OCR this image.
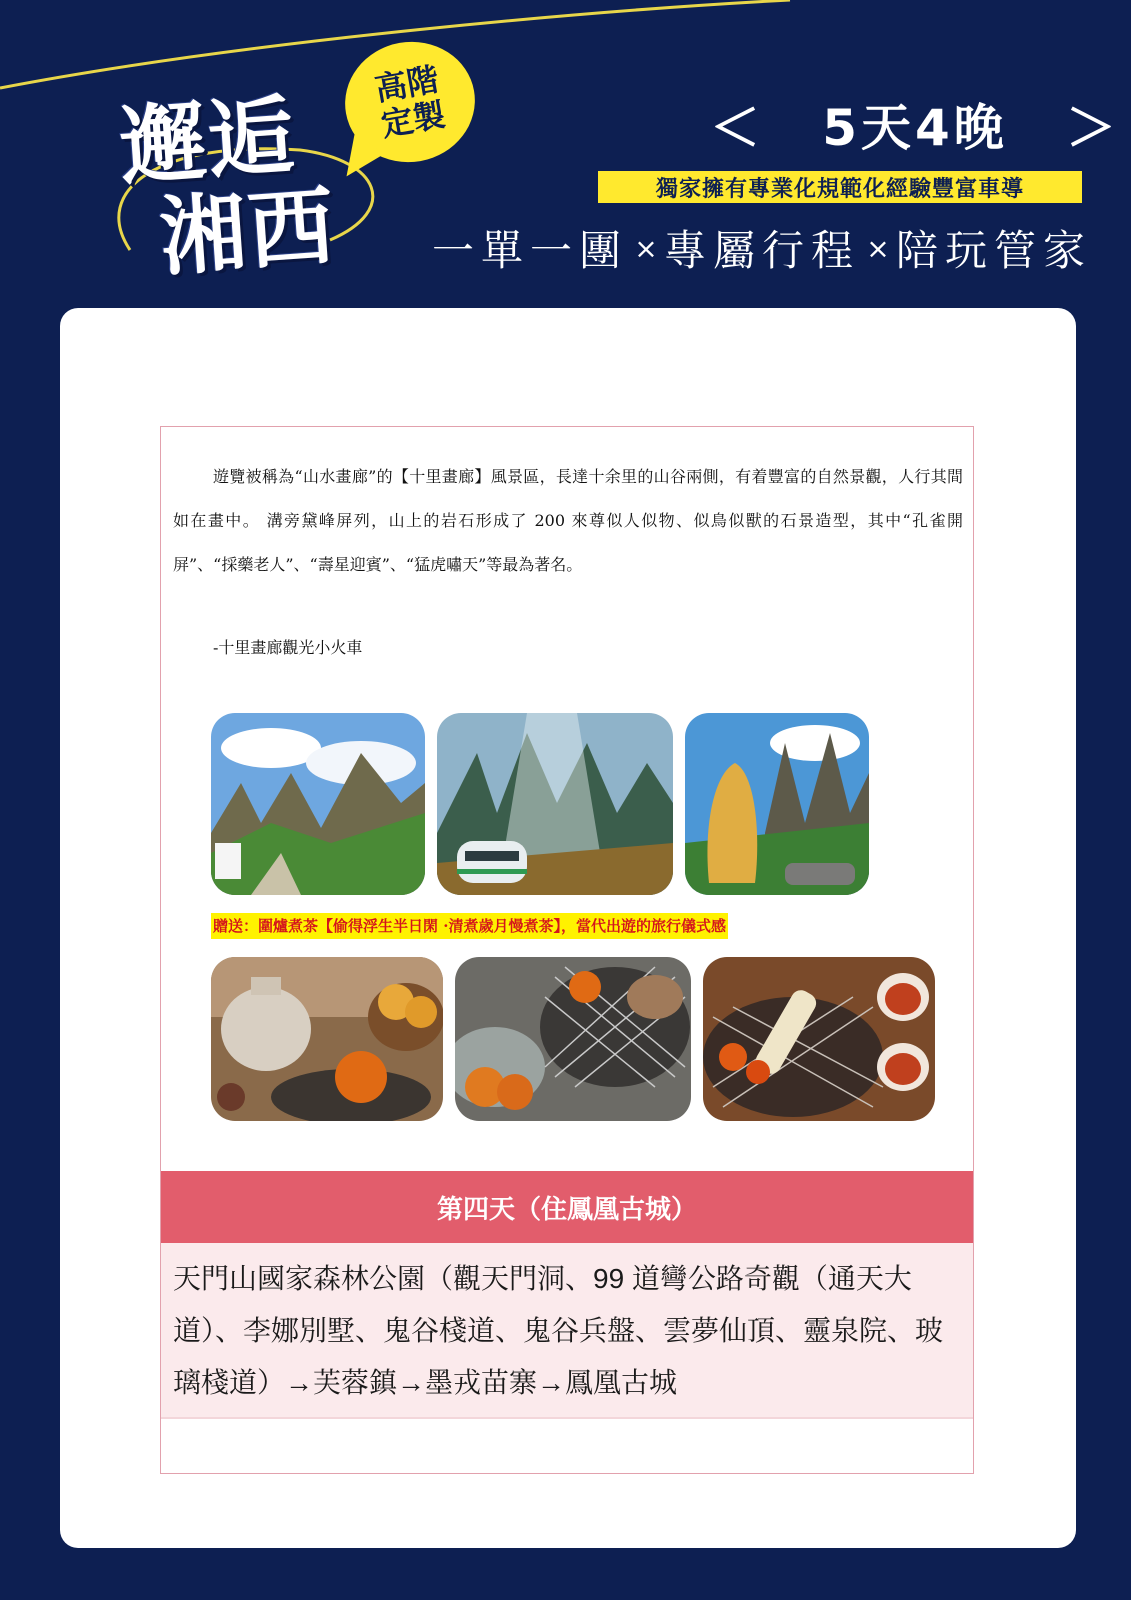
高階
定製
邂逅
湘西
＜ 5天4晚 ＞
獨家擁有專業化規範化經驗豐富車導
一單一團 × 專屬行程 × 陪玩管家

遊覽被稱為“山水畫廊”的【十里畫廊】風景區，長達十余里的山谷兩側，有着豐富的自然景觀，人行其間如在畫中。 溝旁黛峰屏列，山上的岩石形成了 200 來尊似人似物、似鳥似獸的石景造型，其中“孔雀開屏”、“採藥老人”、“壽星迎賓”、“猛虎嘯天”等最為著名。

-十里畫廊觀光小火車
贈送：圍爐煮茶【偷得浮生半日閑 ·清煮歲月慢煮茶】，當代出遊的旅行儀式感
第四天（住鳳凰古城）
天門山國家森林公園（觀天門洞、99 道彎公路奇觀（通天大道）、李娜別墅、鬼谷棧道、鬼谷兵盤、雲夢仙頂、靈泉院、玻璃棧道）→芙蓉鎮→墨戎苗寨→鳳凰古城
